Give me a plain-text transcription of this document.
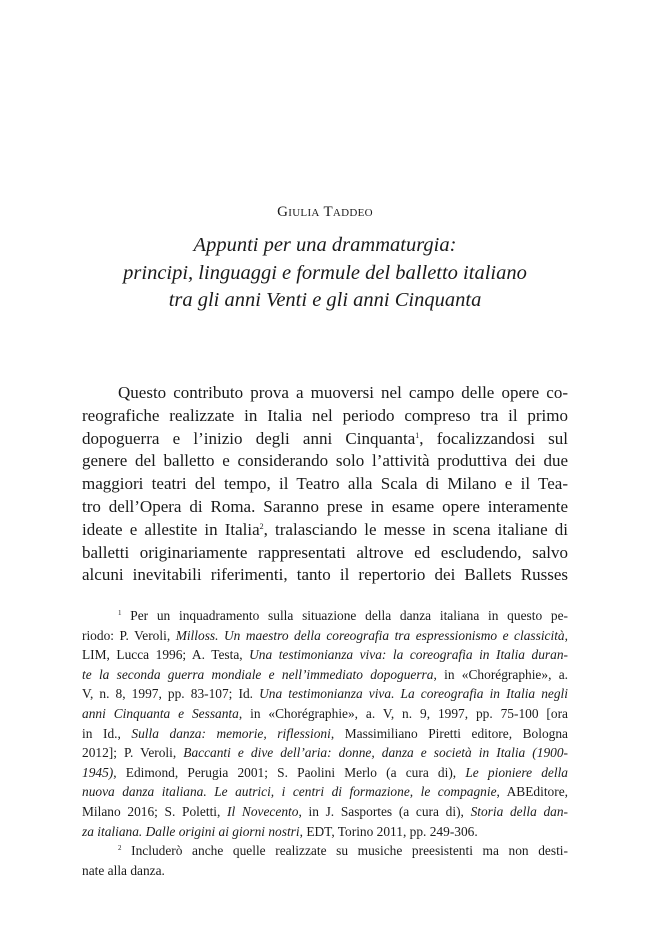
Giulia Taddeo
Appunti per una drammaturgia:
principi, linguaggi e formule del balletto italiano
tra gli anni Venti e gli anni Cinquanta
Questo contributo prova a muoversi nel campo delle opere co-
reografiche realizzate in Italia nel periodo compreso tra il primo
dopoguerra e l’inizio degli anni Cinquanta$^1$, focalizzandosi sul
genere del balletto e considerando solo l’attività produttiva dei due
maggiori teatri del tempo, il Teatro alla Scala di Milano e il Tea-
tro dell’Opera di Roma. Saranno prese in esame opere interamente
ideate e allestite in Italia$^2$, tralasciando le messe in scena italiane di
balletti originariamente rappresentati altrove ed escludendo, salvo
alcuni inevitabili riferimenti, tanto il repertorio dei Ballets Russes
$^1$ Per un inquadramento sulla situazione della danza italiana in questo pe-
riodo: P. Veroli, Milloss. Un maestro della coreografia tra espressionismo e classicità,
LIM, Lucca 1996; A. Testa, Una testimonianza viva: la coreografia in Italia duran-
te la seconda guerra mondiale e nell’immediato dopoguerra, in «Chorégraphie», a.
V, n. 8, 1997, pp. 83-107; Id. Una testimonianza viva. La coreografia in Italia negli
anni Cinquanta e Sessanta, in «Chorégraphie», a. V, n. 9, 1997, pp. 75-100 [ora
in Id., Sulla danza: memorie, riflessioni, Massimiliano Piretti editore, Bologna
2012]; P. Veroli, Baccanti e dive dell’aria: donne, danza e società in Italia (1900-
1945), Edimond, Perugia 2001; S. Paolini Merlo (a cura di), Le pioniere della
nuova danza italiana. Le autrici, i centri di formazione, le compagnie, ABEditore,
Milano 2016; S. Poletti, Il Novecento, in J. Sasportes (a cura di), Storia della dan-
za italiana. Dalle origini ai giorni nostri, EDT, Torino 2011, pp. 249-306.
$^2$ Includerò anche quelle realizzate su musiche preesistenti ma non desti-
nate alla danza.
